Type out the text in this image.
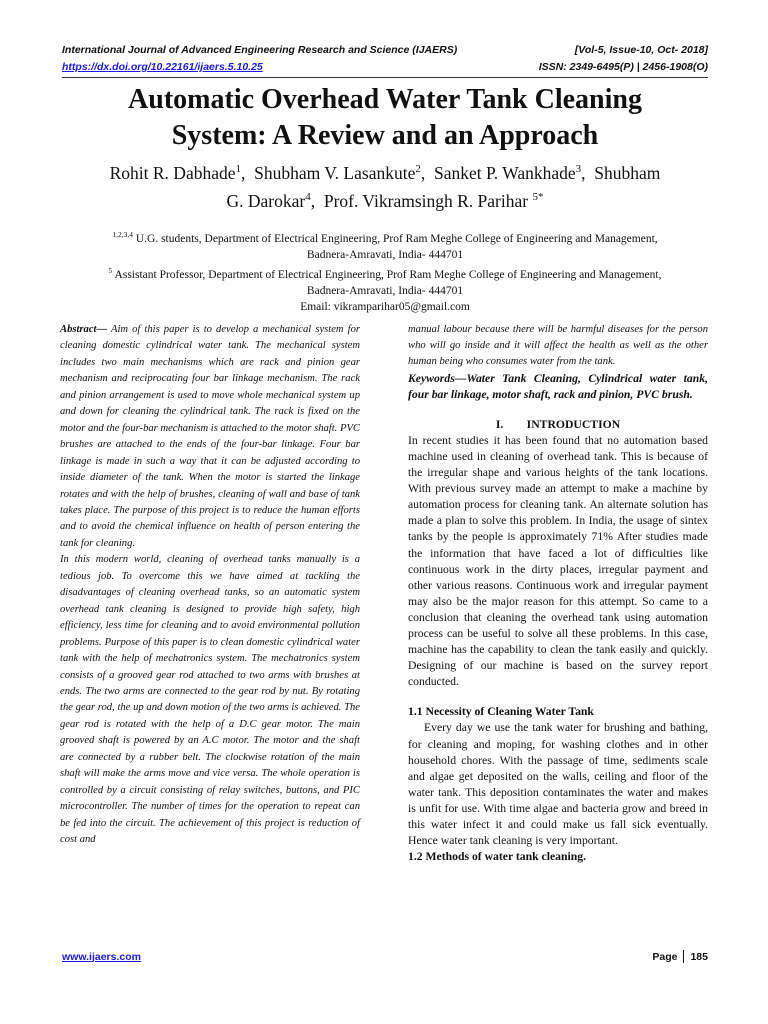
International Journal of Advanced Engineering Research and Science (IJAERS)	[Vol-5, Issue-10, Oct- 2018]
https://dx.doi.org/10.22161/ijaers.5.10.25	ISSN: 2349-6495(P) | 2456-1908(O)
Automatic Overhead Water Tank Cleaning
System: A Review and an Approach
Rohit R. Dabhade$^1$,  Shubham V. Lasankute$^2$,  Sanket P. Wankhade$^3$,  Shubham
G. Darokar$^4$,  Prof. Vikramsingh R. Parihar $^{5*}$
$^{1,2,3,4}$ U.G. students, Department of Electrical Engineering, Prof Ram Meghe College of Engineering and Management,
Badnera-Amravati, India- 444701
$^5$ Assistant Professor, Department of Electrical Engineering, Prof Ram Meghe College of Engineering and Management,
Badnera-Amravati, India- 444701
Email: vikramparihar05@gmail.com

Abstract— Aim of this paper is to develop a mechanical system for cleaning domestic cylindrical water tank. The mechanical system includes two main mechanisms which are rack and pinion gear mechanism and reciprocating four bar linkage mechanism. The rack and pinion arrangement is used to move whole mechanical system up and down for cleaning the cylindrical tank. The rack is fixed on the motor and the four-bar mechanism is attached to the motor shaft. PVC brushes are attached to the ends of the four-bar linkage. Four bar linkage is made in such a way that it can be adjusted according to inside diameter of the tank. When the motor is started the linkage rotates and with the help of brushes, cleaning of wall and base of tank takes place. The purpose of this project is to reduce the human efforts and to avoid the chemical influence on health of person entering the tank for cleaning.

In this modern world, cleaning of overhead tanks manually is a tedious job. To overcome this we have aimed at tackling the disadvantages of cleaning overhead tanks, so an automatic system overhead tank cleaning is designed to provide high safety, high efficiency, less time for cleaning and to avoid environmental pollution problems. Purpose of this paper is to clean domestic cylindrical water tank with the help of mechatronics system. The mechatronics system consists of a grooved gear rod attached to two arms with brushes at ends. The two arms are connected to the gear rod by nut. By rotating the gear rod, the up and down motion of the two arms is achieved. The gear rod is rotated with the help of a D.C gear motor. The main grooved shaft is powered by an A.C motor. The motor and the shaft are connected by a rubber belt. The clockwise rotation of the main shaft will make the arms move and vice versa. The whole operation is controlled by a circuit consisting of relay switches, buttons, and PIC microcontroller. The number of times for the operation to repeat can be fed into the circuit. The achievement of this project is reduction of cost and

manual labour because there will be harmful diseases for the person who will go inside and it will affect the health as well as the other human being who consumes water from the tank.

Keywords—Water Tank Cleaning, Cylindrical water tank, four bar linkage, motor shaft, rack and pinion, PVC brush.

I.        INTRODUCTION

In recent studies it has been found that no automation based machine used in cleaning of overhead tank. This is because of the irregular shape and various heights of the tank locations. With previous survey made an attempt to make a machine by automation process for cleaning tank. An alternate solution has made a plan to solve this problem. In India, the usage of sintex tanks by the people is approximately 71% After studies made the information that have faced a lot of difficulties like continuous work in the dirty places, irregular payment and other various reasons. Continuous work and irregular payment may also be the major reason for this attempt. So came to a conclusion that cleaning the overhead tank using automation process can be useful to solve all these problems. In this case, machine has the capability to clean the tank easily and quickly. Designing of our machine is based on the survey report conducted.

1.1 Necessity of Cleaning Water Tank

Every day we use the tank water for brushing and bathing, for cleaning and moping, for washing clothes and in other household chores. With the passage of time, sediments scale and algae get deposited on the walls, ceiling and floor of the water tank. This deposition contaminates the water and makes is unfit for use. With time algae and bacteria grow and breed in this water infect it and could make us fall sick eventually. Hence water tank cleaning is very important.

1.2 Methods of water tank cleaning.

www.ijaers.com	Page 185
